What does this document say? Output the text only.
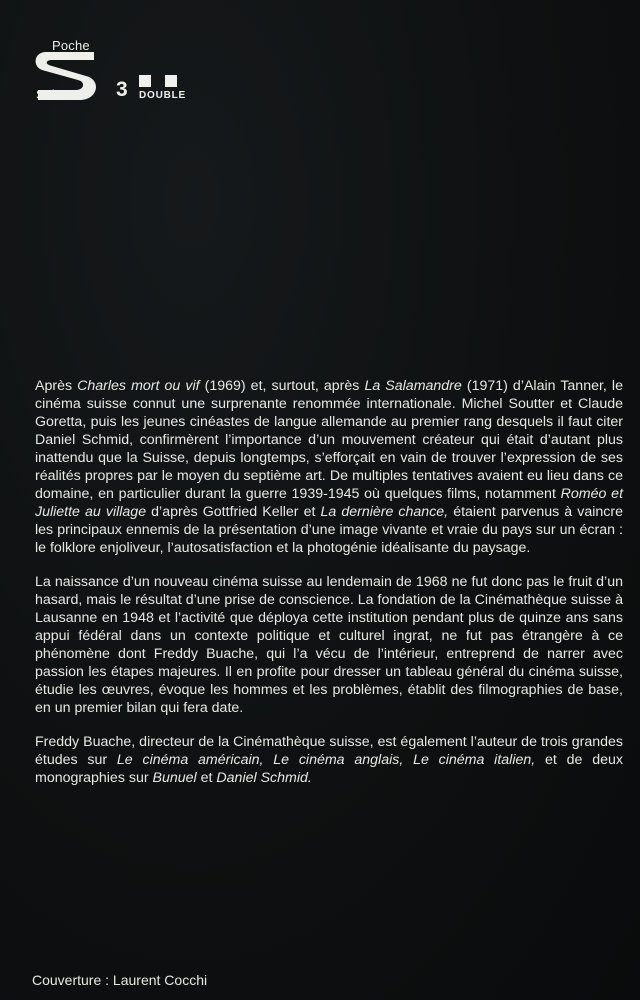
Poche
Suisse 3 DOUBLE

Après Charles mort ou vif (1969) et, surtout, après La Salamandre (1971) d’Alain Tanner, le cinéma suisse connut une surprenante renommée internationale. Michel Soutter et Claude Goretta, puis les jeunes cinéastes de langue allemande au premier rang desquels il faut citer Daniel Schmid, confirmèrent l’importance d’un mouvement créateur qui était d’autant plus inattendu que la Suisse, depuis longtemps, s’efforçait en vain de trouver l’expression de ses réalités propres par le moyen du septième art. De multiples tentatives avaient eu lieu dans ce domaine, en particulier durant la guerre 1939-1945 où quelques films, notamment Roméo et Juliette au village d’après Gottfried Keller et La dernière chance, étaient parvenus à vaincre les principaux ennemis de la présentation d’une image vivante et vraie du pays sur un écran : le folklore enjoliveur, l’autosatisfaction et la photogénie idéalisante du paysage.

La naissance d’un nouveau cinéma suisse au lendemain de 1968 ne fut donc pas le fruit d’un hasard, mais le résultat d’une prise de conscience. La fondation de la Cinémathèque suisse à Lausanne en 1948 et l’activité que déploya cette institution pendant plus de quinze ans sans appui fédéral dans un contexte politique et culturel ingrat, ne fut pas étrangère à ce phénomène dont Freddy Buache, qui l’a vécu de l’intérieur, entreprend de narrer avec passion les étapes majeures. Il en profite pour dresser un tableau général du cinéma suisse, étudie les œuvres, évoque les hommes et les problèmes, établit des filmographies de base, en un premier bilan qui fera date.

Freddy Buache, directeur de la Cinémathèque suisse, est également l’auteur de trois grandes études sur Le cinéma américain, Le cinéma anglais, Le cinéma italien, et de deux monographies sur Bunuel et Daniel Schmid.

Couverture : Laurent Cocchi
